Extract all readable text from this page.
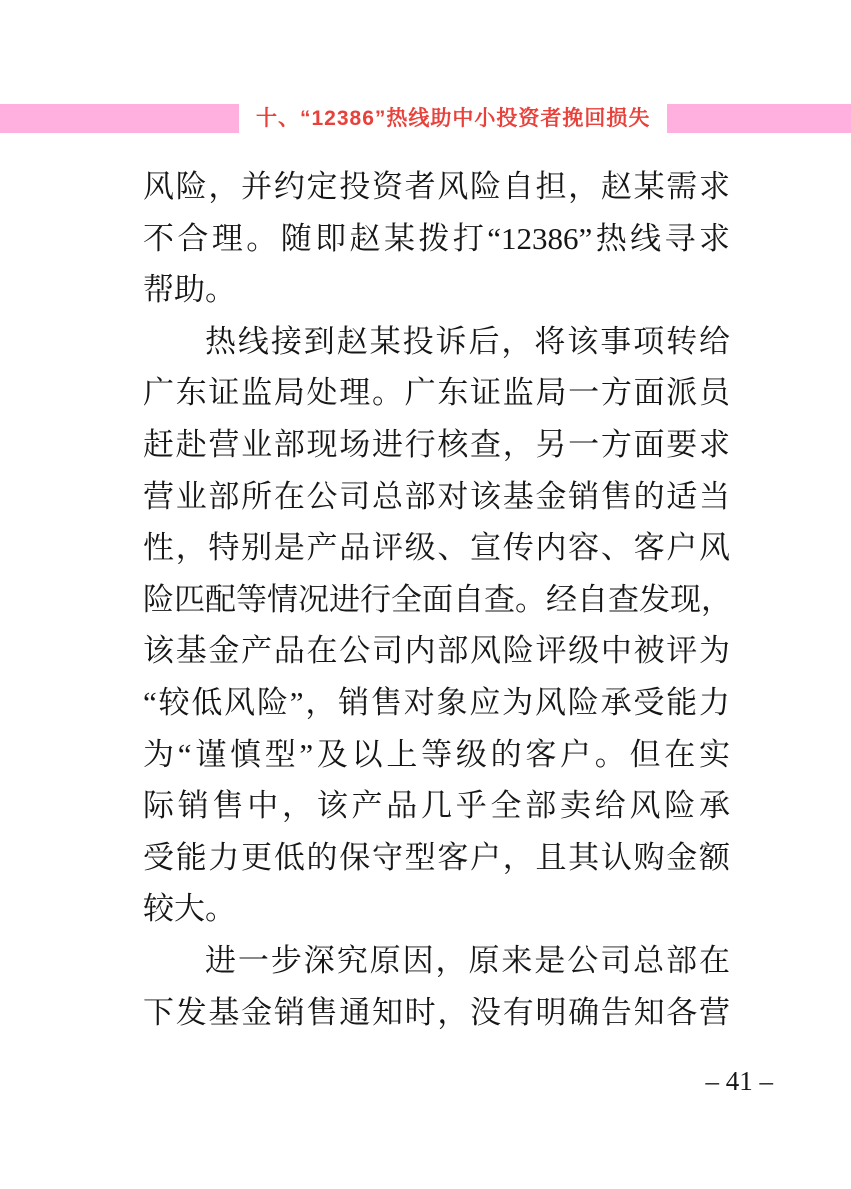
十、“12386”热线助中小投资者挽回损失
风险，并约定投资者风险自担，赵某需求
不合理。随即赵某拨打“12386”热线寻求
帮助。
热线接到赵某投诉后，将该事项转给
广东证监局处理。广东证监局一方面派员
赶赴营业部现场进行核查，另一方面要求
营业部所在公司总部对该基金销售的适当
性，特别是产品评级、宣传内容、客户风
险匹配等情况进行全面自查。经自查发现，
该基金产品在公司内部风险评级中被评为
“较低风险”，销售对象应为风险承受能力
为“谨慎型”及以上等级的客户。但在实
际销售中，该产品几乎全部卖给风险承
受能力更低的保守型客户，且其认购金额
较大。
进一步深究原因，原来是公司总部在
下发基金销售通知时，没有明确告知各营
– 41 –
